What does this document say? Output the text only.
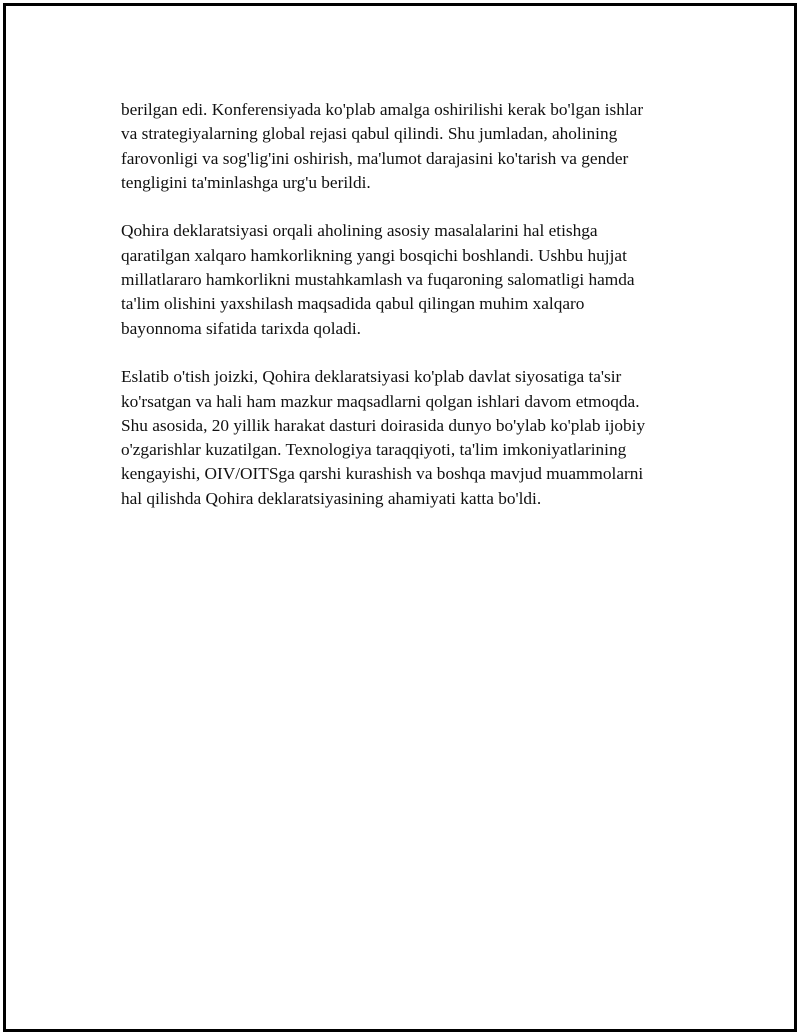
berilgan edi. Konferensiyada ko'plab amalga oshirilishi kerak bo'lgan ishlar
va strategiyalarning global rejasi qabul qilindi. Shu jumladan, aholining
farovonligi va sog'lig'ini oshirish, ma'lumot darajasini ko'tarish va gender
tengligini ta'minlashga urg'u berildi.

Qohira deklaratsiyasi orqali aholining asosiy masalalarini hal etishga
qaratilgan xalqaro hamkorlikning yangi bosqichi boshlandi. Ushbu hujjat
millatlararo hamkorlikni mustahkamlash va fuqaroning salomatligi hamda
ta'lim olishini yaxshilash maqsadida qabul qilingan muhim xalqaro
bayonnoma sifatida tarixda qoladi.

Eslatib o'tish joizki, Qohira deklaratsiyasi ko'plab davlat siyosatiga ta'sir
ko'rsatgan va hali ham mazkur maqsadlarni qolgan ishlari davom etmoqda.
Shu asosida, 20 yillik harakat dasturi doirasida dunyo bo'ylab ko'plab ijobiy
o'zgarishlar kuzatilgan. Texnologiya taraqqiyoti, ta'lim imkoniyatlarining
kengayishi, OIV/OITSga qarshi kurashish va boshqa mavjud muammolarni
hal qilishda Qohira deklaratsiyasining ahamiyati katta bo'ldi.
